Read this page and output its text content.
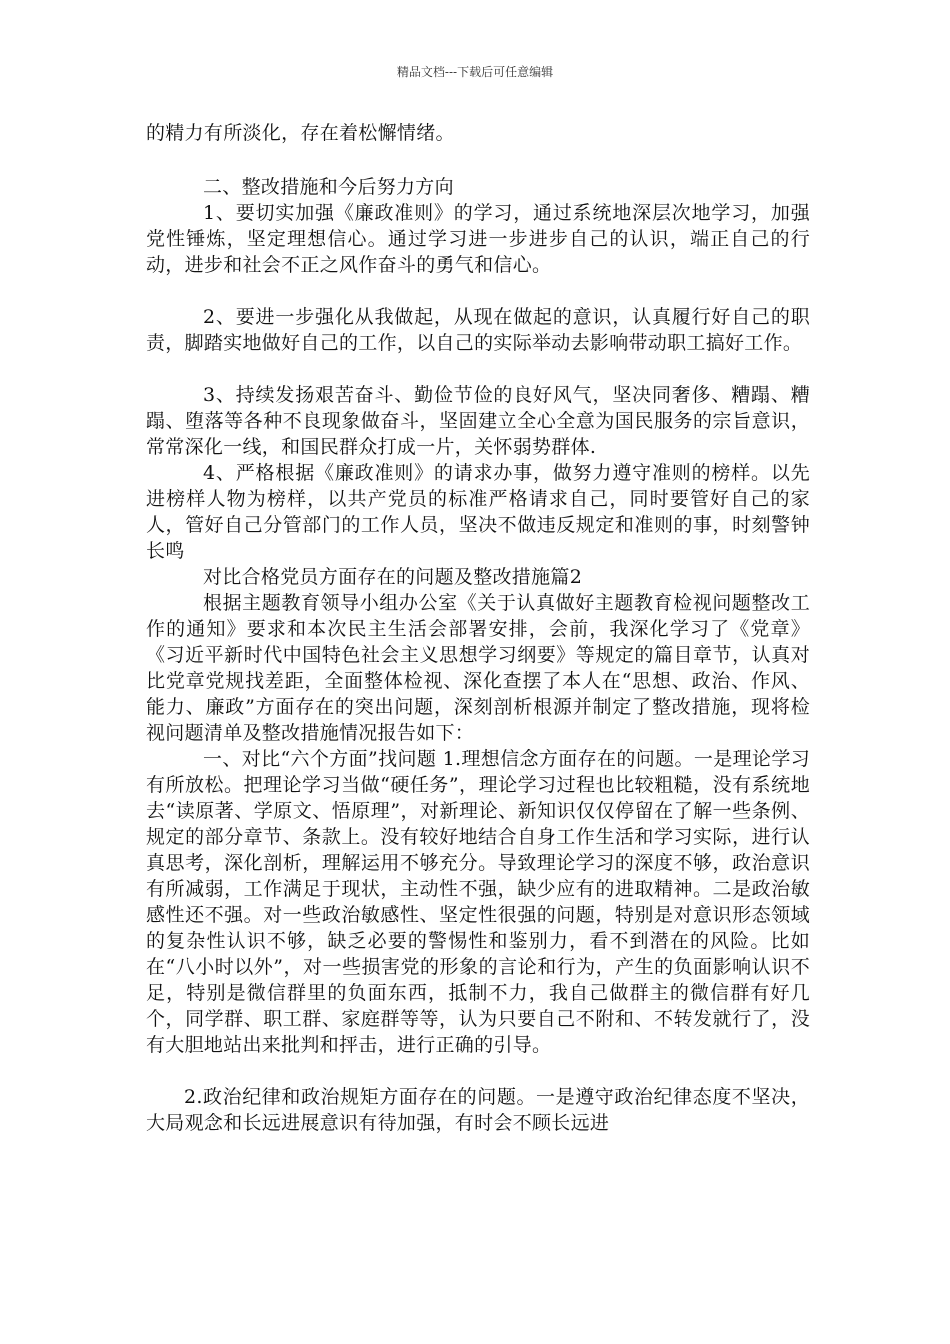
精品文档---下载后可任意编辑

的精力有所淡化，存在着松懈情绪。

二、整改措施和今后努力方向

1、要切实加强《廉政准则》的学习，通过系统地深层次地学习，加强党性锤炼，坚定理想信心。通过学习进一步进步自己的认识，端正自己的行动，进步和社会不正之风作奋斗的勇气和信心。

2、要进一步强化从我做起，从现在做起的意识，认真履行好自己的职责，脚踏实地做好自己的工作，以自己的实际举动去影响带动职工搞好工作。

3、持续发扬艰苦奋斗、勤俭节俭的良好风气，坚决同奢侈、糟蹋、糟蹋、堕落等各种不良现象做奋斗，坚固建立全心全意为国民服务的宗旨意识，常常深化一线，和国民群众打成一片，关怀弱势群体.

4、严格根据《廉政准则》的请求办事，做努力遵守准则的榜样。以先进榜样人物为榜样，以共产党员的标准严格请求自己，同时要管好自己的家人，管好自己分管部门的工作人员，坚决不做违反规定和准则的事，时刻警钟长鸣

对比合格党员方面存在的问题及整改措施篇2

根据主题教育领导小组办公室《关于认真做好主题教育检视问题整改工作的通知》要求和本次民主生活会部署安排，会前，我深化学习了《党章》《习近平新时代中国特色社会主义思想学习纲要》等规定的篇目章节，认真对比党章党规找差距，全面整体检视、深化查摆了本人在“思想、政治、作风、能力、廉政”方面存在的突出问题，深刻剖析根源并制定了整改措施，现将检视问题清单及整改措施情况报告如下：

一、对比“六个方面”找问题 1.理想信念方面存在的问题。一是理论学习有所放松。把理论学习当做“硬任务”，理论学习过程也比较粗糙，没有系统地去“读原著、学原文、悟原理”，对新理论、新知识仅仅停留在了解一些条例、规定的部分章节、条款上。没有较好地结合自身工作生活和学习实际，进行认真思考，深化剖析，理解运用不够充分。导致理论学习的深度不够，政治意识有所减弱，工作满足于现状，主动性不强，缺少应有的进取精神。二是政治敏感性还不强。对一些政治敏感性、坚定性很强的问题，特别是对意识形态领域的复杂性认识不够，缺乏必要的警惕性和鉴别力，看不到潜在的风险。比如在“八小时以外”，对一些损害党的形象的言论和行为，产生的负面影响认识不足，特别是微信群里的负面东西，抵制不力，我自己做群主的微信群有好几个，同学群、职工群、家庭群等等，认为只要自己不附和、不转发就行了，没有大胆地站出来批判和抨击，进行正确的引导。

2.政治纪律和政治规矩方面存在的问题。一是遵守政治纪律态度不坚决，大局观念和长远进展意识有待加强，有时会不顾长远进
